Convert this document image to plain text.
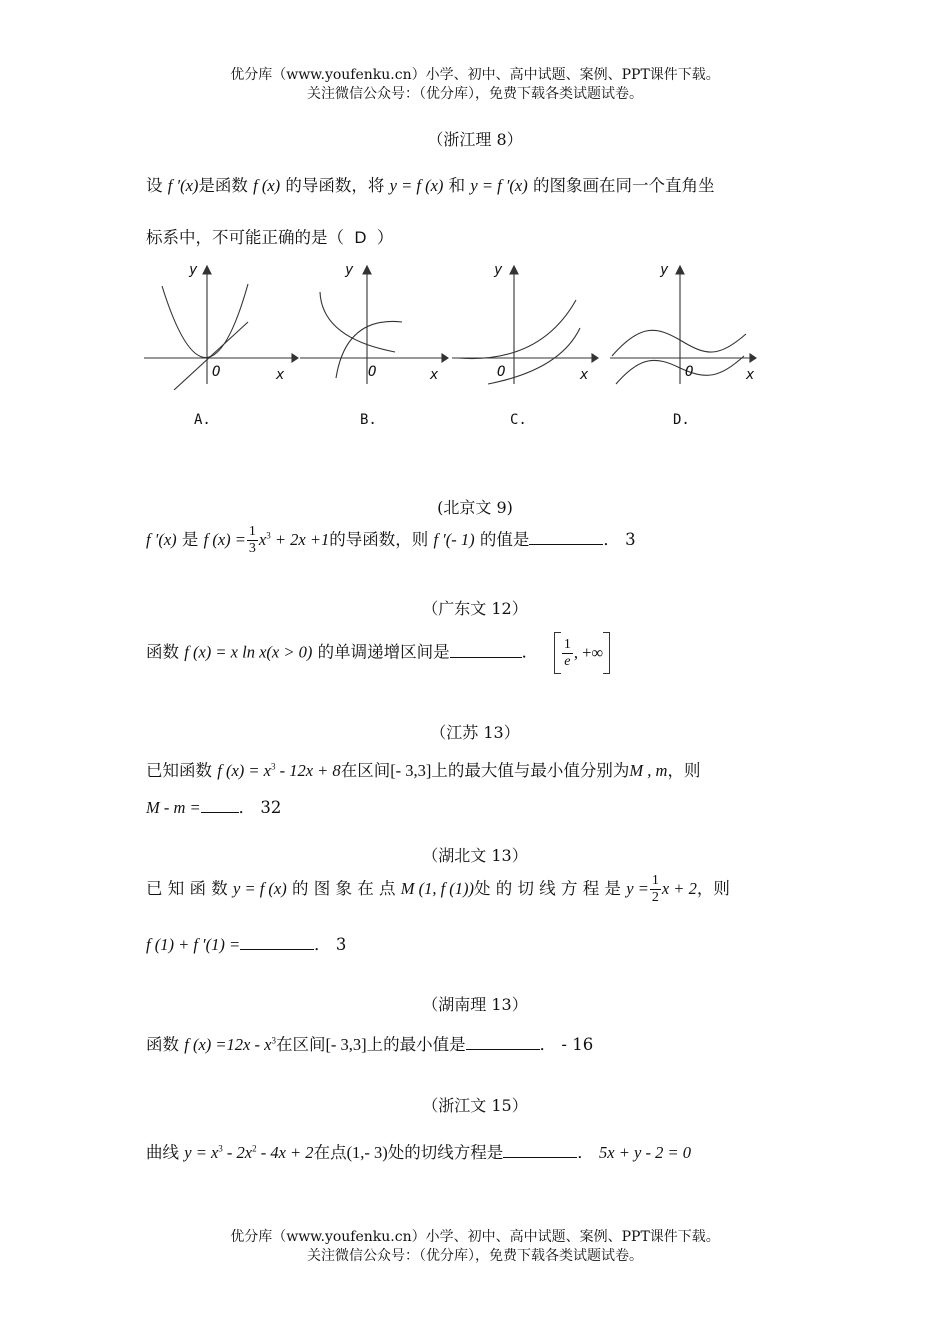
优分库（www.youfenku.cn）小学、初中、高中试题、案例、PPT课件下载。
关注微信公众号：（优分库），免费下载各类试题试卷。
（浙江理 8）
设 f ′(x)是函数 f (x) 的导函数，将 y = f (x) 和 y = f ′(x) 的图象画在同一个直角坐
标系中，不可能正确的是（ D ）
y
x
O
y
x
O
y
x
O
y
x
O
A.	B.	C.	D.
(北京文 9)
f ′(x) 是 f $(x) = \frac{1}{3} x^3 + 2x +1$的导函数，则 f ′(- 1) 的值是	． 3
（广东文 12）
函数 f (x) = x ln x(x > 0) 的单调递增区间是	． $\frac{1}{e}$ , +∞
（江苏 13）
已知函数 f $(x) = x^3 - 12x + 8$在区间[- 3,3]上的最大值与最小值分别为M , m，则
M - m = ． 32
（湖北文 13）
已 知 函 数 y = f (x) 的 图 象 在 点 M (1, f (1))处 的 切 线 方 程 是 $y = \frac{1}{2}$ x + 2，则
f (1) + f ′(1) =	． 3
（湖南理 13）
函数 f $(x) =12x - x^3$在区间[- 3,3]上的最小值是	． - 16
（浙江文 15）
曲线 $y = x^3 - 2x^2 - 4x + 2$在点(1,- 3)处的切线方程是	． 5x + y - 2 = 0
优分库（www.youfenku.cn）小学、初中、高中试题、案例、PPT课件下载。
关注微信公众号：（优分库），免费下载各类试题试卷。
